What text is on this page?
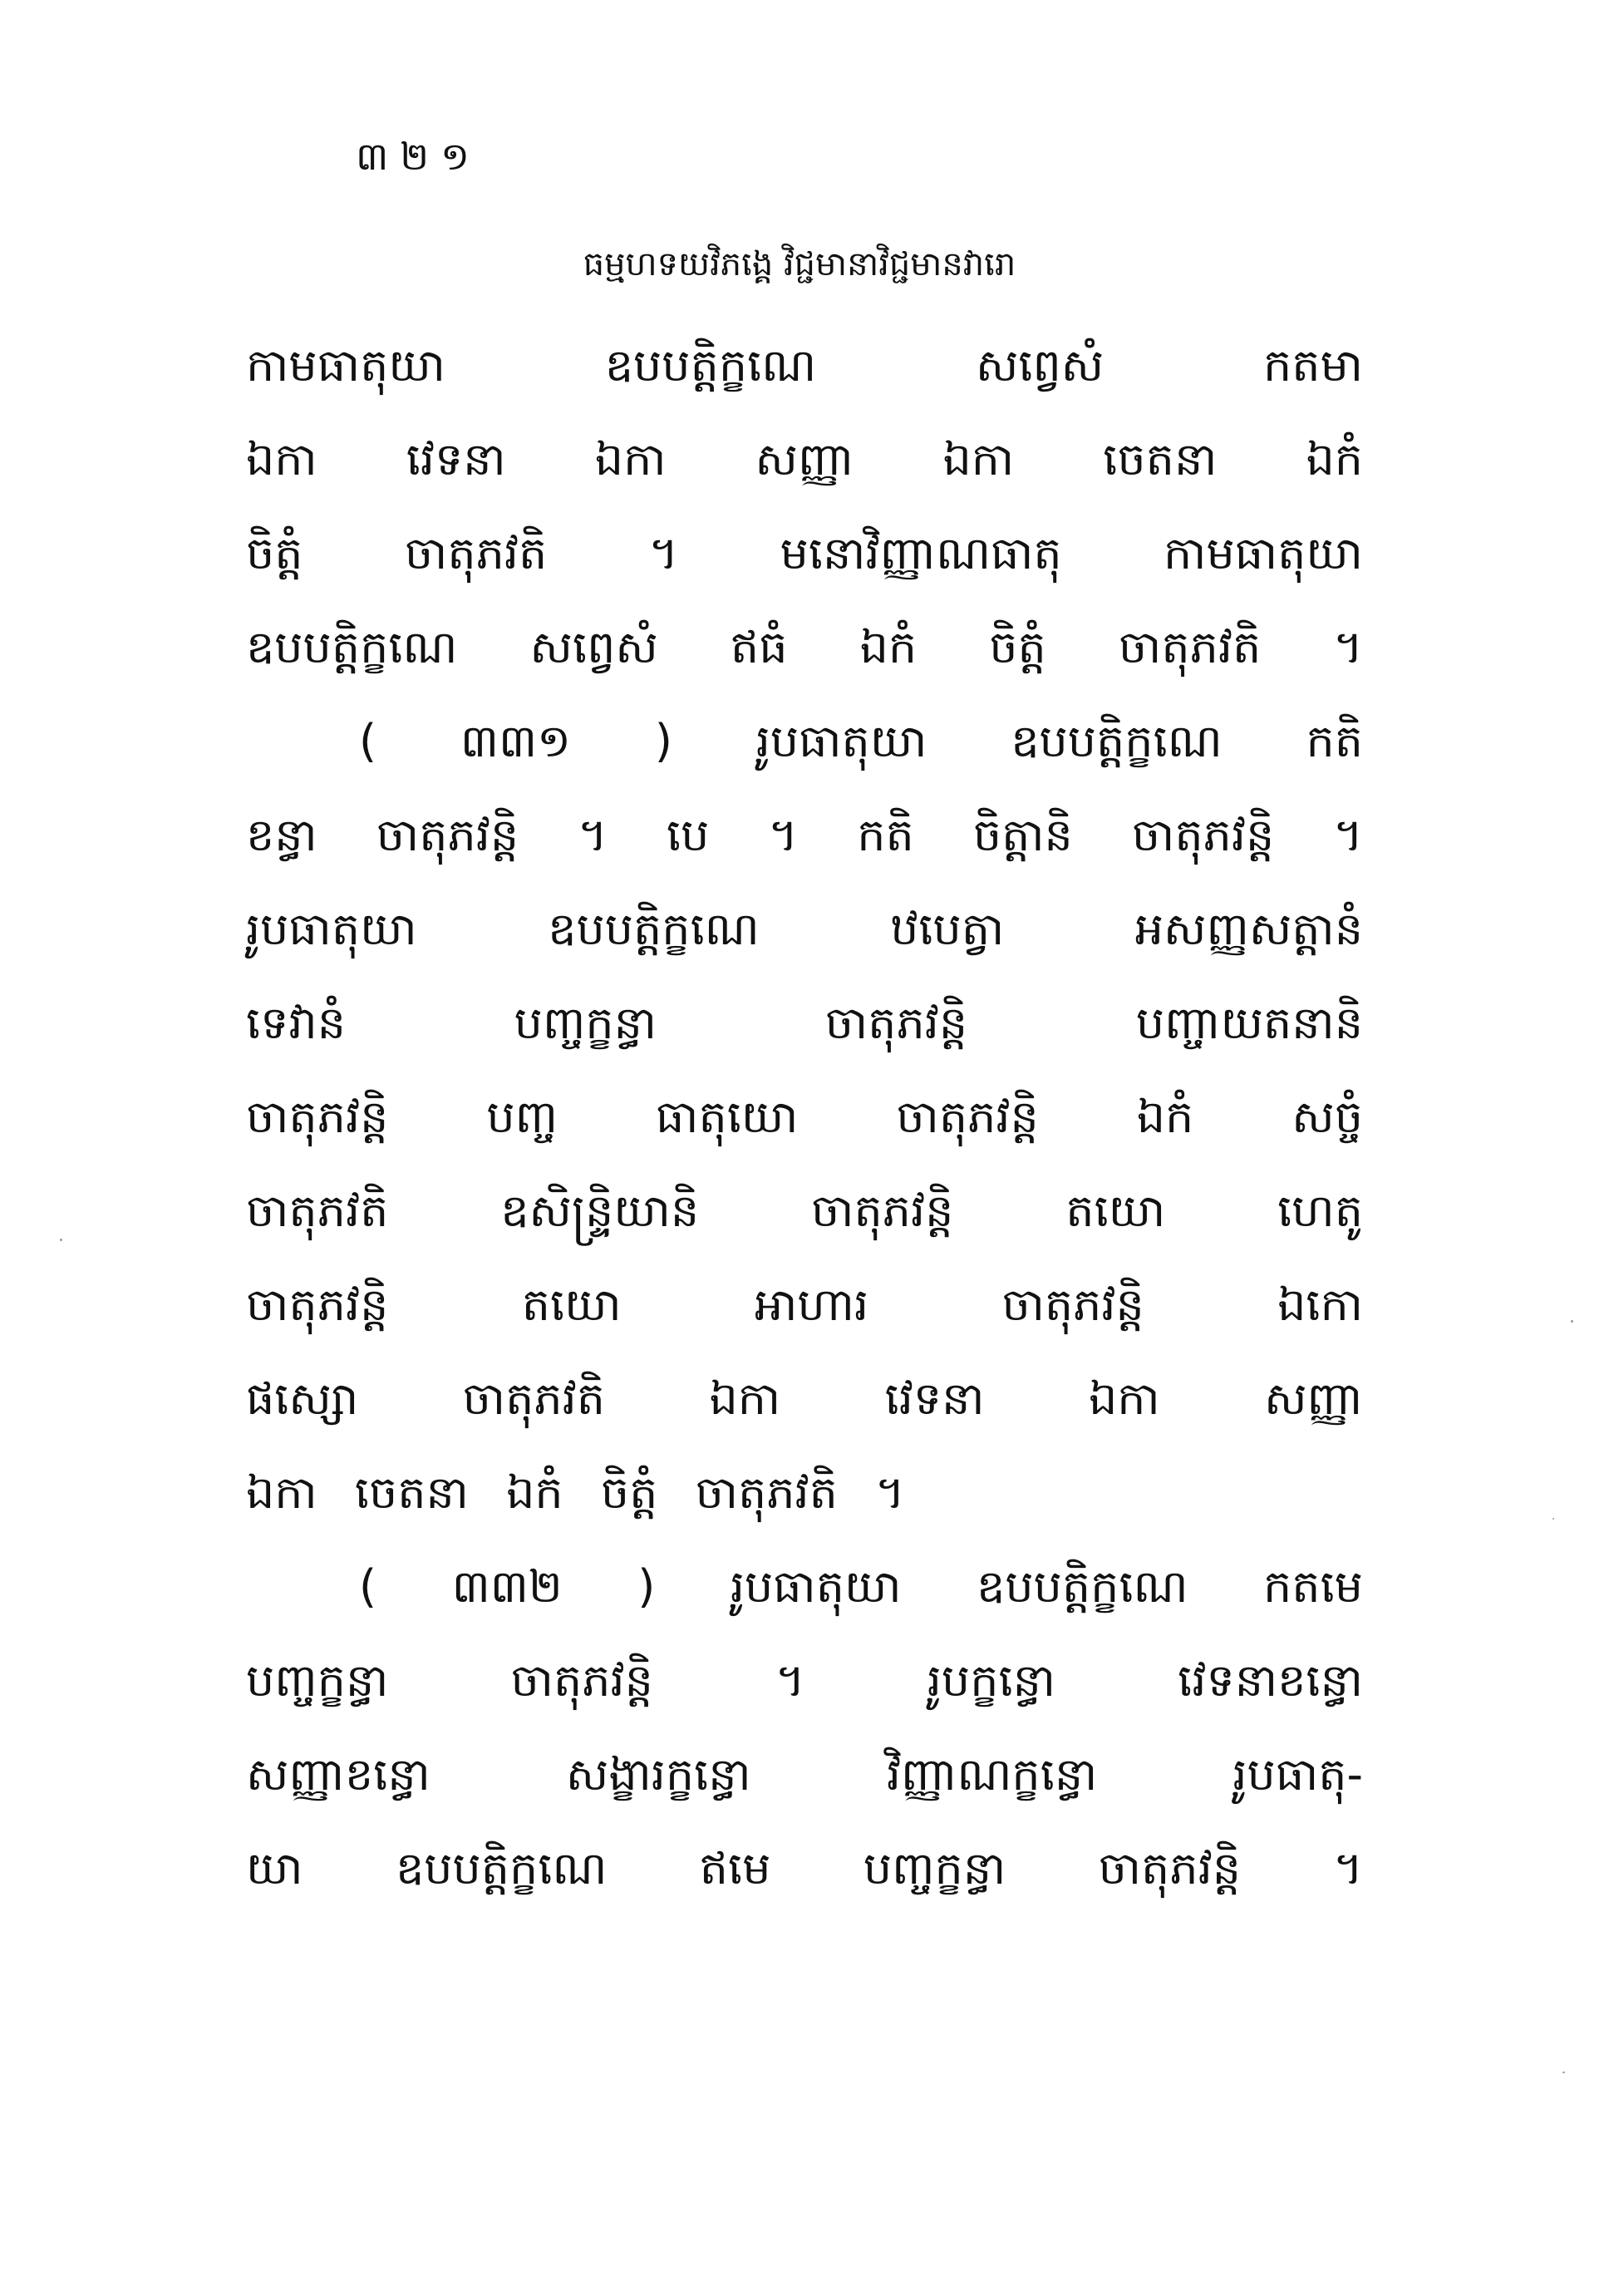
៣២១
ធម្មហទយវិភង្គេ វិជ្ជមានាវិជ្ជមានវារោ
កាមធាតុយា ឧបបត្តិក្ខណេ សព្វេសំ កតមា
ឯកា វេទនា ឯកា សញ្ញា ឯកា ចេតនា ឯកំ
ចិត្តំ ចាតុភវតិ ។ មនោវិញ្ញាណធាតុ កាមធាតុយា
ឧបបត្តិក្ខណេ សព្វេសំ ឥធំ ឯកំ ចិត្តំ ចាតុភវតិ ។
( ៣៣១ ) រូបធាតុយា ឧបបត្តិក្ខណេ កតិ
ខន្ធា ចាតុភវន្តិ ។ បេ ។ កតិ ចិត្តានិ ចាតុភវន្តិ ។
រូបធាតុយា ឧបបត្តិក្ខណេ ឋបេត្វា អសញ្ញសត្តានំ
ទេវានំ បញ្ចក្ខន្ធា ចាតុភវន្តិ បញ្ចាយតនានិ
ចាតុភវន្តិ បញ្ច ធាតុយោ ចាតុភវន្តិ ឯកំ សច្ចំ
ចាតុភវតិ ឧសិន្ទ្រិយានិ ចាតុភវន្តិ តយោ ហេតូ
ចាតុភវន្តិ តយោ អាហារ ចាតុភវន្តិ ឯកោ
ផស្សោ ចាតុភវតិ ឯកា វេទនា ឯកា សញ្ញា
ឯកា ចេតនា ឯកំ ចិត្តំ ចាតុភវតិ ។
( ៣៣២ ) រូបធាតុយា ឧបបត្តិក្ខណេ កតមេ
បញ្ចក្ខន្ធា ចាតុភវន្តិ ។ រូបក្ខន្ធោ វេទនាខន្ធោ
សញ្ញាខន្ធោ សង្ខារក្ខន្ធោ វិញ្ញាណក្ខន្ធោ រូបធាតុ-
យា ឧបបត្តិក្ខណេ ឥមេ បញ្ចក្ខន្ធា ចាតុភវន្តិ ។
